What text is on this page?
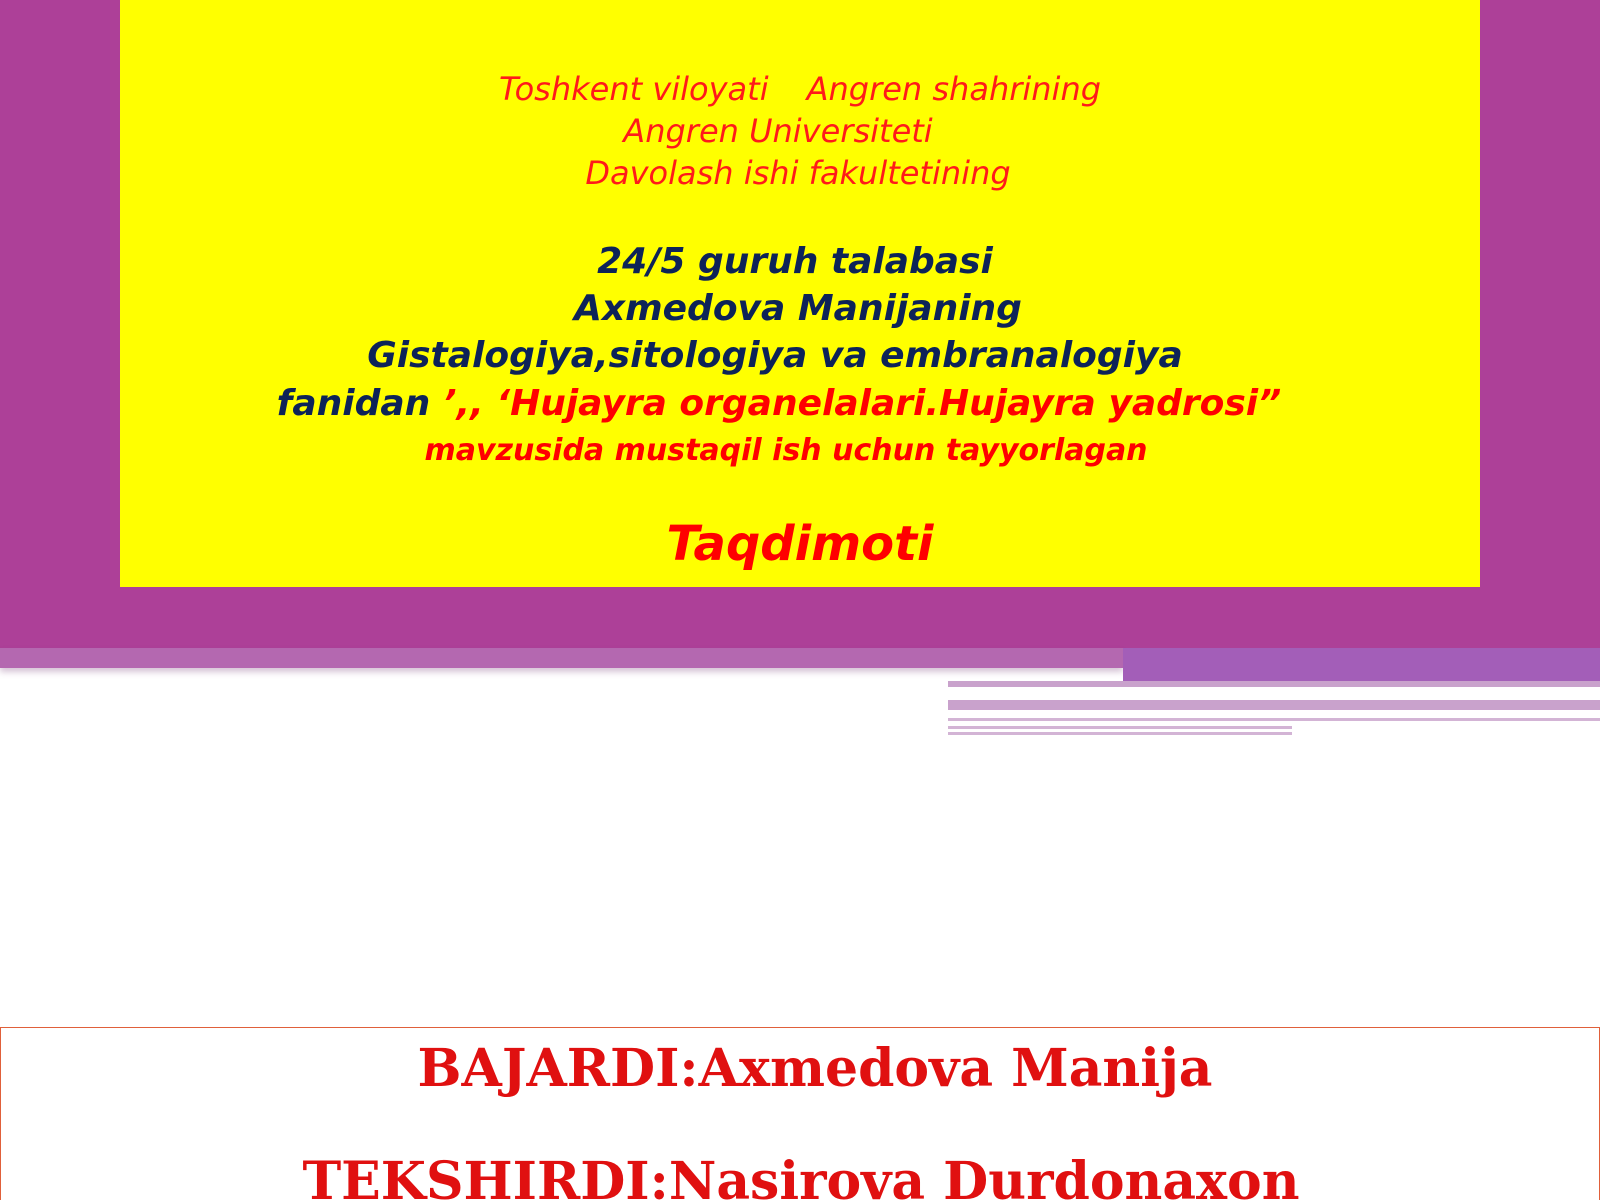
Toshkent viloyati Angren shahrining
Angren Universiteti
Davolash ishi fakultetining
24/5 guruh talabasi
Axmedova Manijaning
Gistalogiya,sitologiya va embranalogiya
fanidan ’,, ‘Hujayra organelalari.Hujayra yadrosi”
mavzusida mustaqil ish uchun tayyorlagan
Taqdimoti
BAJARDI:Axmedova Manija
TEKSHIRDI:Nasirova Durdonaxon
